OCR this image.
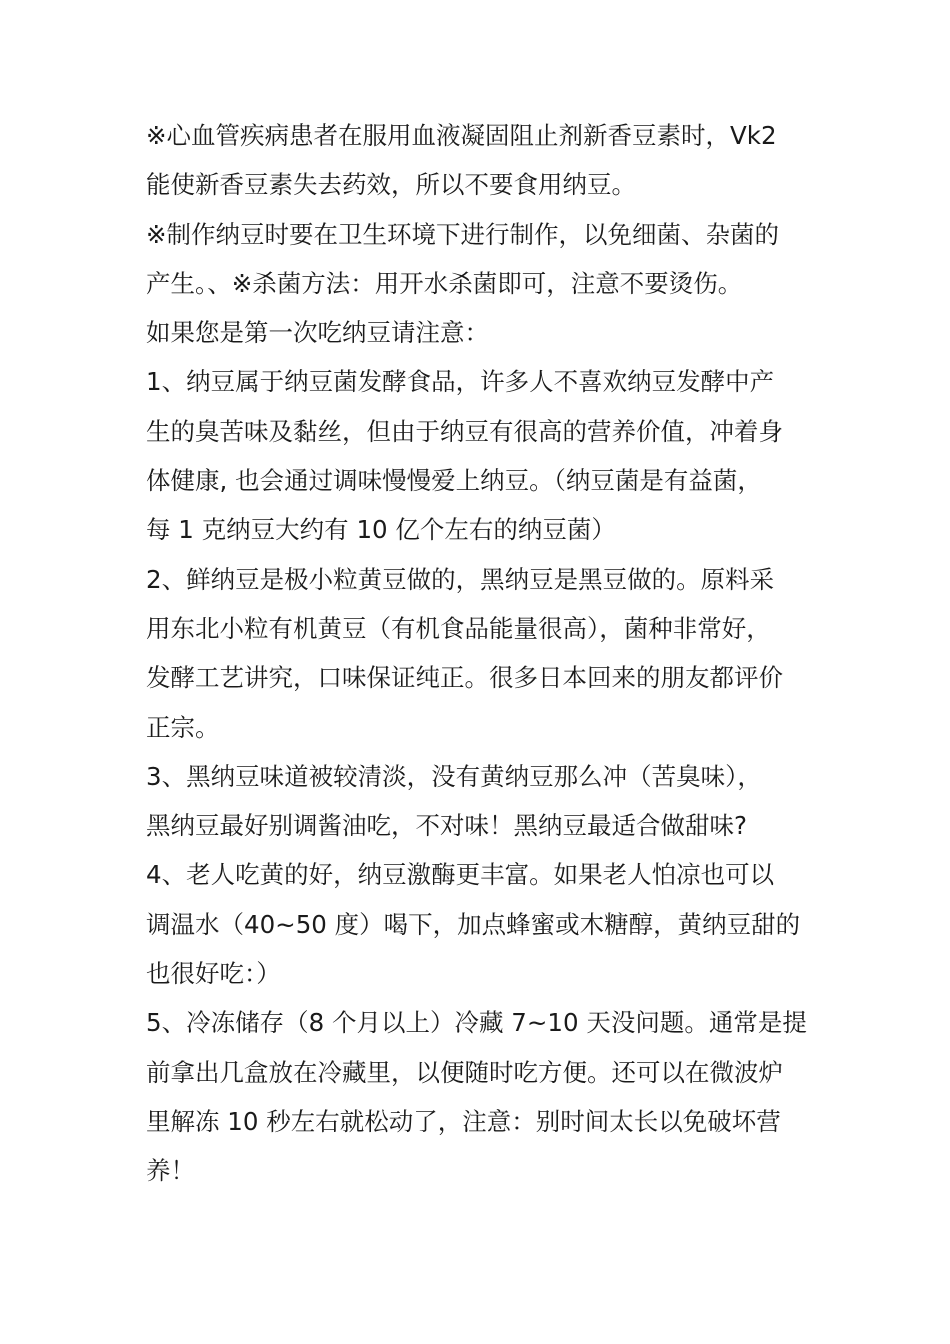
※心血管疾病患者在服用血液凝固阻止剂新香豆素时，Vk2
能使新香豆素失去药效，所以不要食用纳豆。
※制作纳豆时要在卫生环境下进行制作，以免细菌、杂菌的
产生。、※杀菌方法：用开水杀菌即可，注意不要烫伤。
如果您是第一次吃纳豆请注意：
1、纳豆属于纳豆菌发酵食品，许多人不喜欢纳豆发酵中产
生的臭苦味及黏丝，但由于纳豆有很高的营养价值，冲着身
体健康, 也会通过调味慢慢爱上纳豆。（纳豆菌是有益菌，
每 1 克纳豆大约有 10 亿个左右的纳豆菌）
2、鲜纳豆是极小粒黄豆做的，黑纳豆是黑豆做的。原料采
用东北小粒有机黄豆（有机食品能量很高），菌种非常好，
发酵工艺讲究，口味保证纯正。很多日本回来的朋友都评价
正宗。
3、黑纳豆味道被较清淡，没有黄纳豆那么冲（苦臭味），
黑纳豆最好别调酱油吃，不对味！黑纳豆最适合做甜味?
4、老人吃黄的好，纳豆激酶更丰富。如果老人怕凉也可以
调温水（40~50 度）喝下，加点蜂蜜或木糖醇，黄纳豆甜的
也很好吃：）
5、冷冻储存（8 个月以上）冷藏 7~10 天没问题。通常是提
前拿出几盒放在冷藏里，以便随时吃方便。还可以在微波炉
里解冻 10 秒左右就松动了，注意：别时间太长以免破坏营
养！
